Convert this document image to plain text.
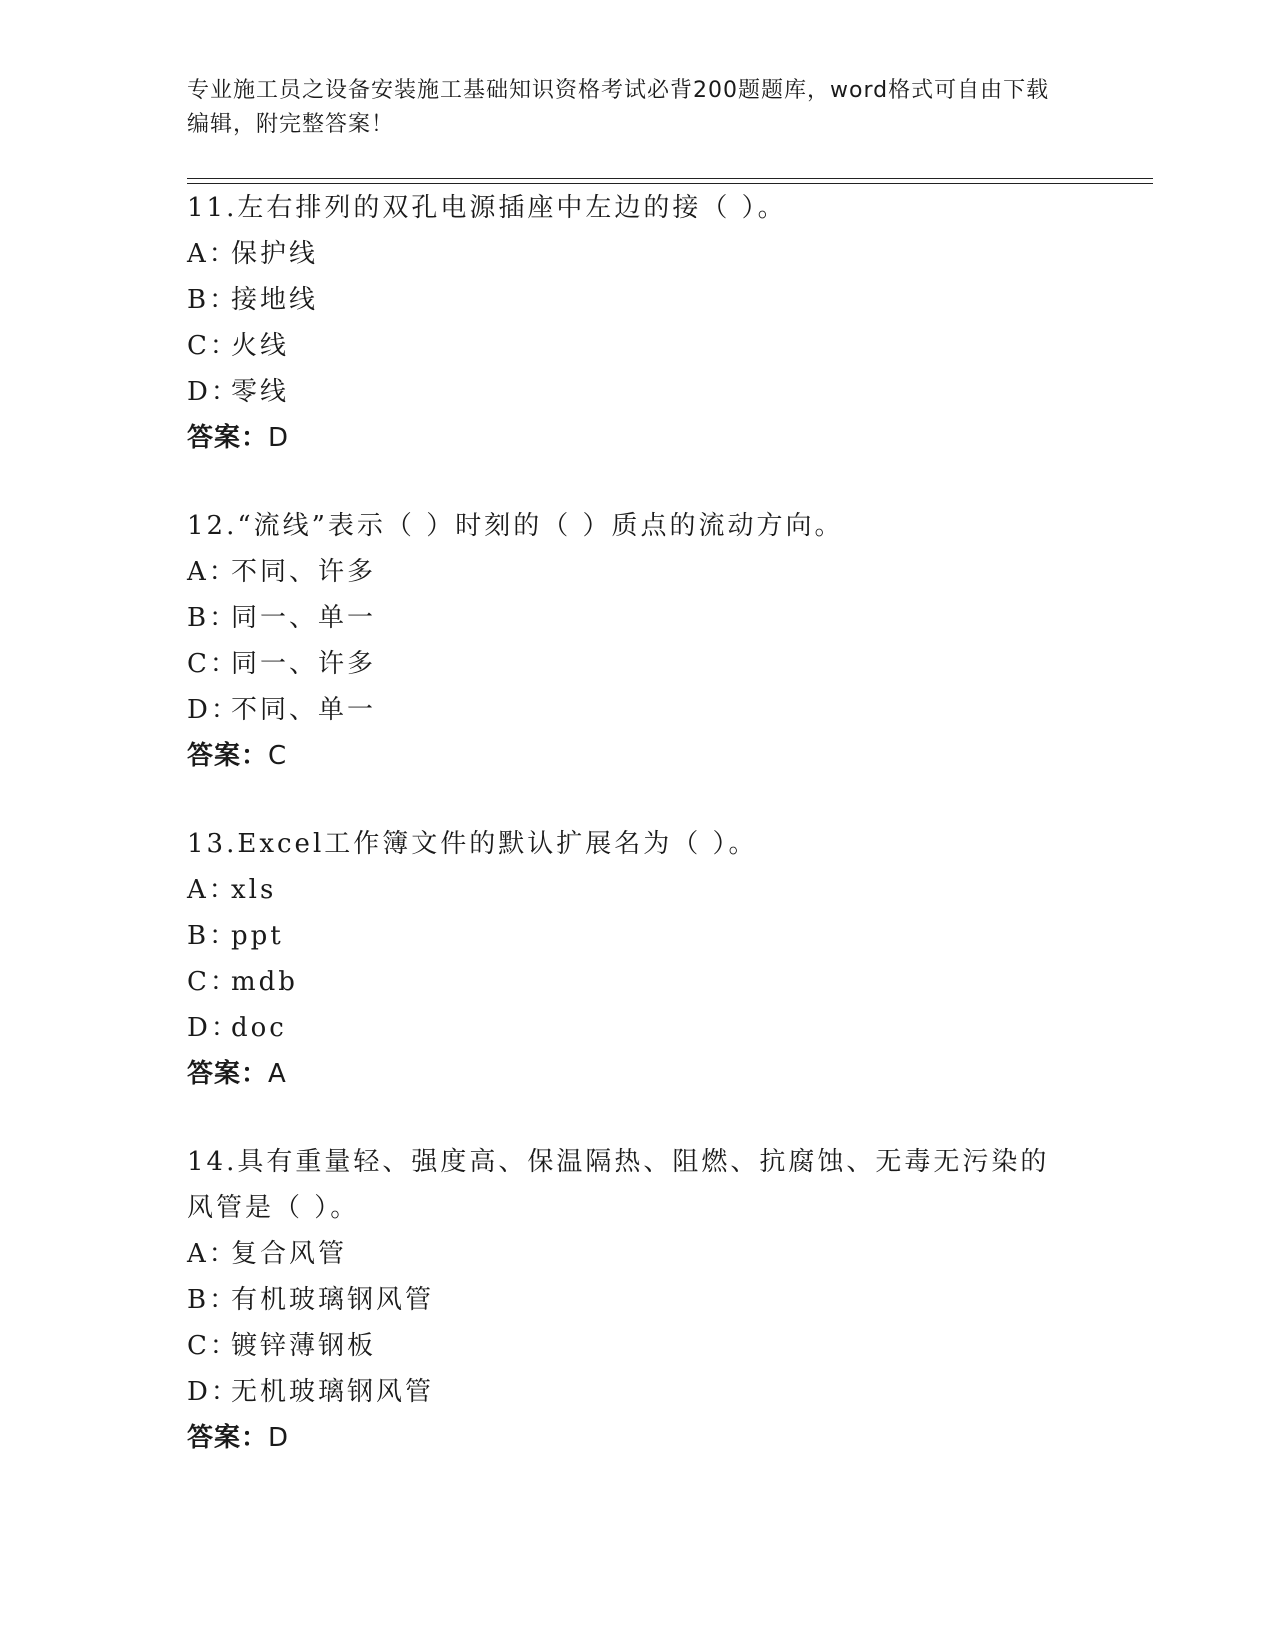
专业施工员之设备安装施工基础知识资格考试必背200题题库，word格式可自由下载编辑，附完整答案！

11.左右排列的双孔电源插座中左边的接（ ）。

A：保护线

B：接地线

C：火线

D：零线

答案：D

12.“流线”表示（ ）时刻的（ ）质点的流动方向。

A：不同、许多

B：同一、单一

C：同一、许多

D：不同、单一

答案：C

13.Excel工作簿文件的默认扩展名为（ ）。

A：xls

B：ppt

C：mdb

D：doc

答案：A

14.具有重量轻、强度高、保温隔热、阻燃、抗腐蚀、无毒无污染的风管是（ ）。

A：复合风管

B：有机玻璃钢风管

C：镀锌薄钢板

D：无机玻璃钢风管

答案：D
